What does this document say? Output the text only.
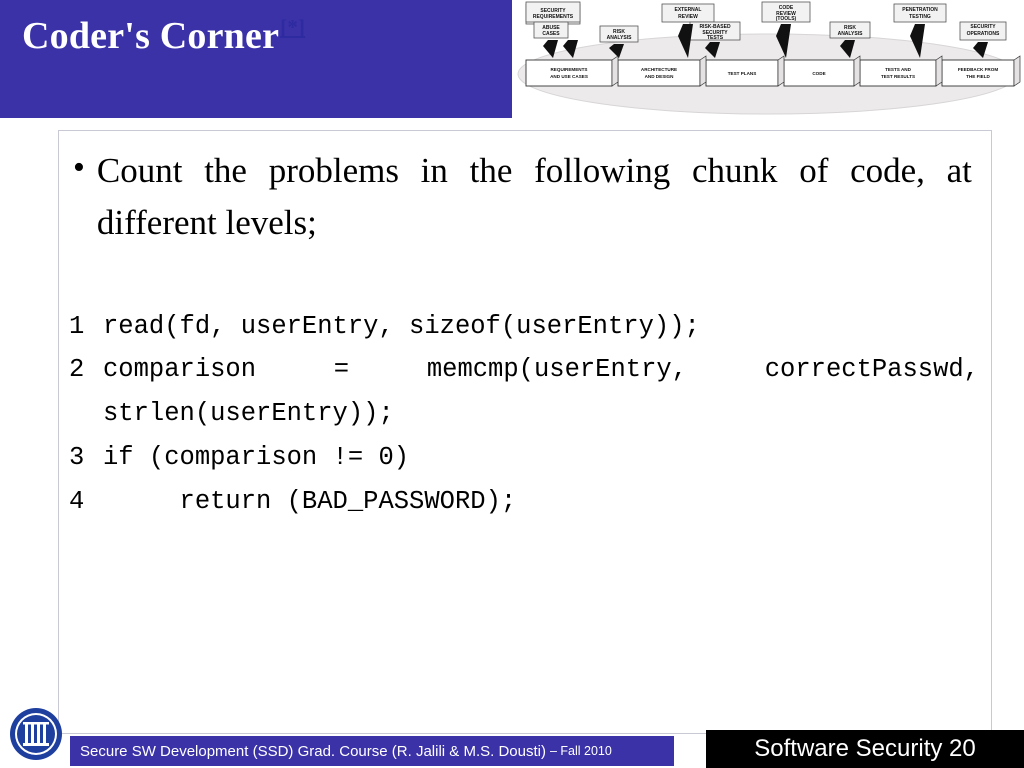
Coder's Corner[*]
SECURITY
REQUIREMENTS
ABUSE
CASES	RISK
ANALYSIS
EXTERNAL
REVIEW
RISK-BASED
SECURITY
TESTS
CODE
REVIEW
(TOOLS)
RISK
ANALYSIS
PENETRATION
TESTING
SECURITY
OPERATIONS
REQUIREMENTS
AND USE CASES
ARCHITECTURE
AND DESIGN
TEST PLANS	CODE
TESTS AND
TEST RESULTS
FEEDBACK FROM
THE FIELD
• Count the problems in the following chunk of code, at different levels;
1 read(fd, userEntry, sizeof(userEntry));
2 comparison = memcmp(userEntry, correctPasswd, strlen(userEntry));
3 if (comparison != 0)
4 return (BAD_PASSWORD);
Secure SW Development (SSD) Grad. Course (R. Jalili & M.S. Dousti ) – Fall 2010	Software Security 20
